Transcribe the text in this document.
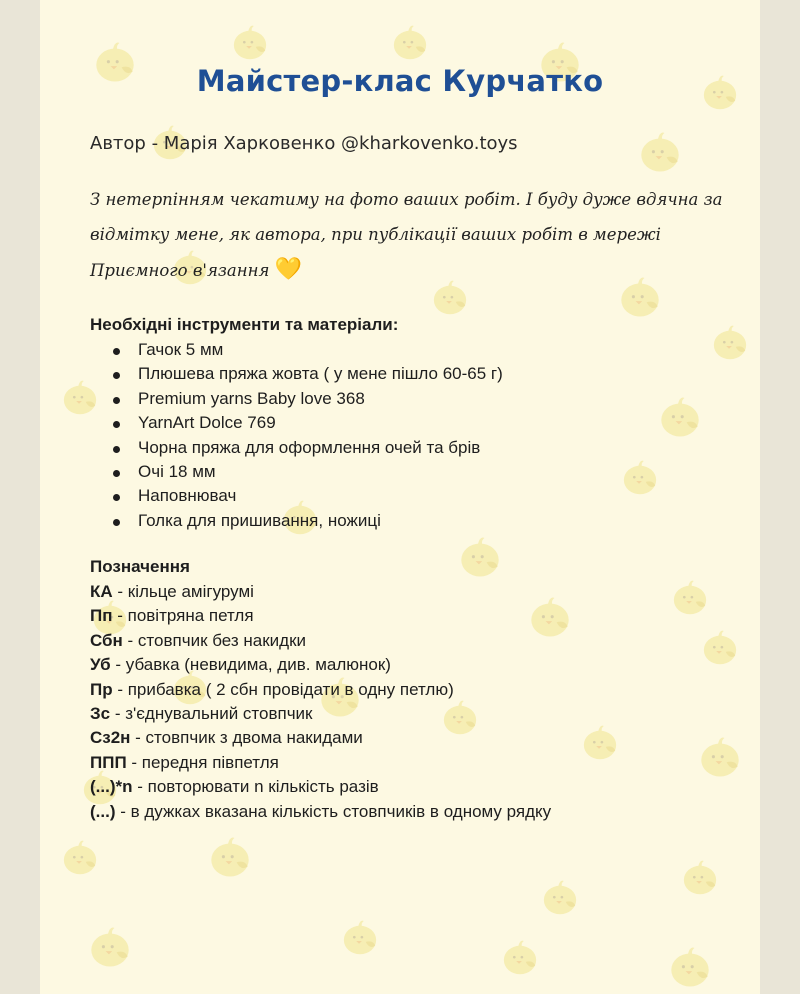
Майстер-клас Курчатко
Автор - Марія Харковенко @kharkovenko.toys
З нетерпінням чекатиму на фото ваших робіт. І буду дуже вдячна за
відмітку мене, як автора, при публікації ваших робіт в мережі
Приємного в'язання 💛
Необхідні інструменти та матеріали:
Гачок 5 мм
Плюшева пряжа жовта ( у мене пішло 60-65 г)
Premium yarns Baby love 368
YarnArt Dolce 769
Чорна пряжа для оформлення очей та брів
Очі 18 мм
Наповнювач
Голка для пришивання, ножиці
Позначення
КА - кільце амігурумі
Пп - повітряна петля
Сбн - стовпчик без накидки
Уб - убавка (невидима, див. малюнок)
Пр - прибавка ( 2 сбн провідати в одну петлю)
Зс - з'єднувальний стовпчик
Сз2н - стовпчик з двома накидами
ППП - передня півпетля
(...)*n - повторювати n кількість разів
(...) - в дужках вказана кількість стовпчиків в одному рядку
